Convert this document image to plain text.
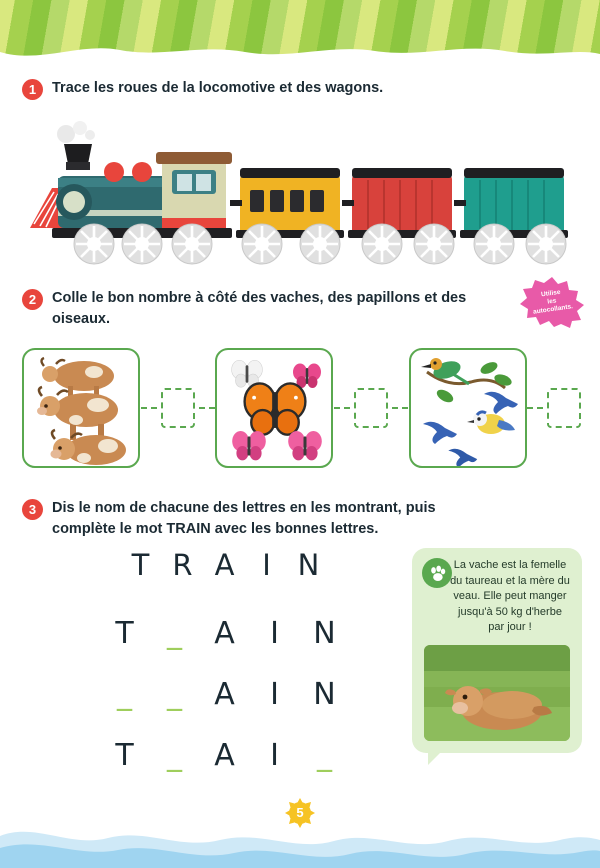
1	Trace les roues de la locomotive et des wagons.
2	Colle le bon nombre à côté des vaches, des papillons et des oiseaux.
Utilise
les
autocollants.
3	Dis le nom de chacune des lettres en les montrant, puis complète le mot TRAIN avec les bonnes lettres.
T R A I N
T _ A I N
_ _ A I N
T _ A I _
La vache est la femelle du taureau et la mère du veau. Elle peut manger jusqu'à 50 kg d'herbe par jour !
5
